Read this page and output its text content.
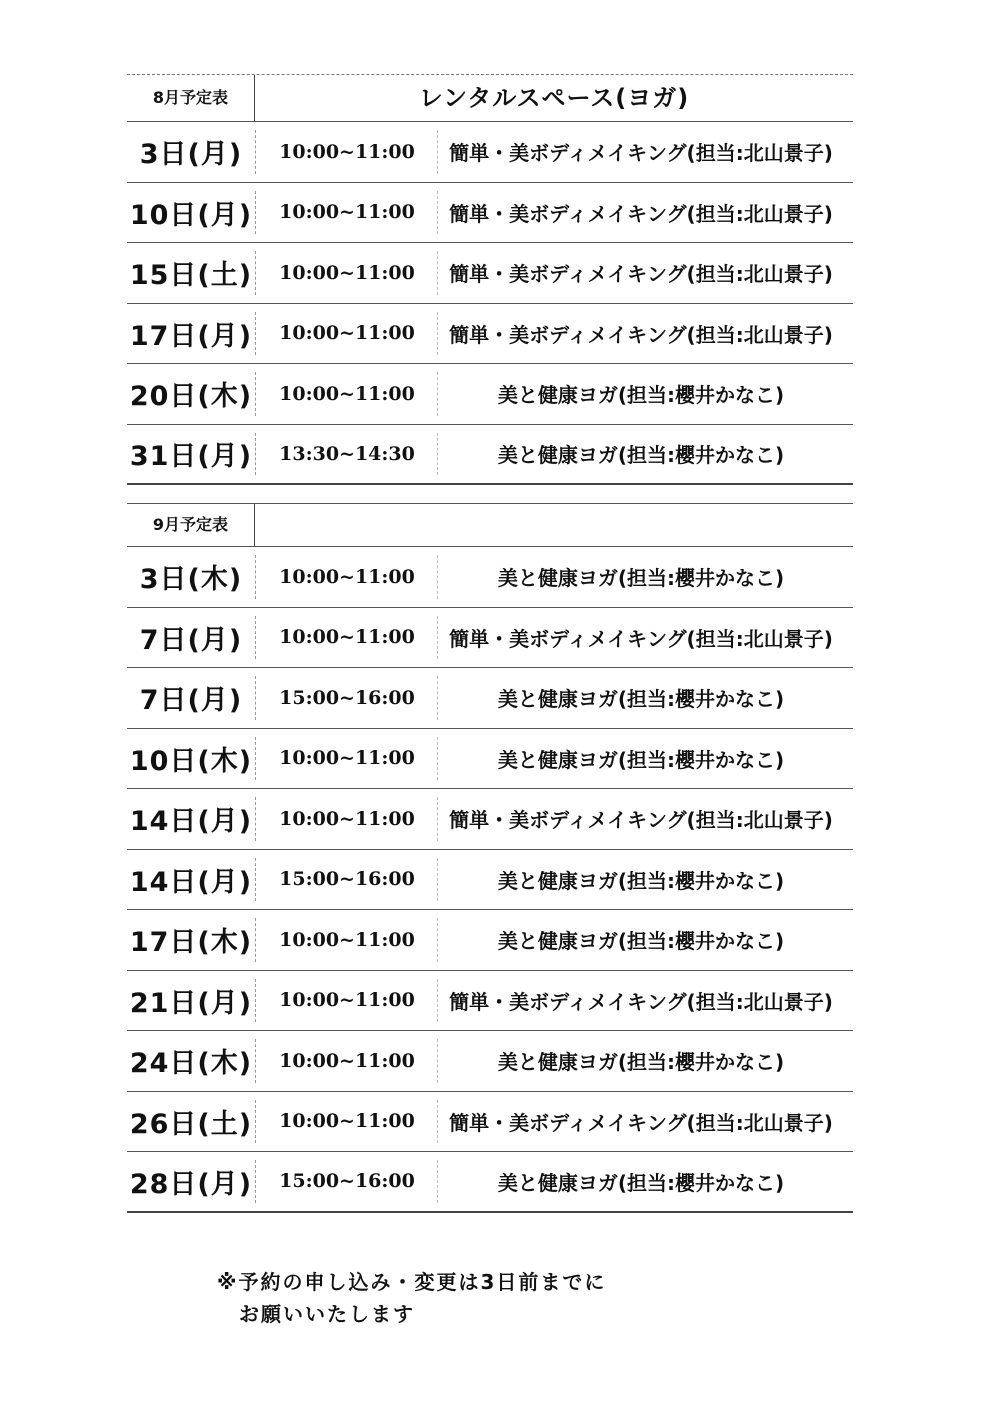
8月予定表	レンタルスペース(ヨガ)
3日(月)	10:00~11:00	簡単・美ボディメイキング(担当:北山景子)
10日(月)	10:00~11:00	簡単・美ボディメイキング(担当:北山景子)
15日(土)	10:00~11:00	簡単・美ボディメイキング(担当:北山景子)
17日(月)	10:00~11:00	簡単・美ボディメイキング(担当:北山景子)
20日(木)	10:00~11:00	美と健康ヨガ(担当:櫻井かなこ)
31日(月)	13:30~14:30	美と健康ヨガ(担当:櫻井かなこ)
9月予定表
3日(木)	10:00~11:00	美と健康ヨガ(担当:櫻井かなこ)
7日(月)	10:00~11:00	簡単・美ボディメイキング(担当:北山景子)
7日(月)	15:00~16:00	美と健康ヨガ(担当:櫻井かなこ)
10日(木)	10:00~11:00	美と健康ヨガ(担当:櫻井かなこ)
14日(月)	10:00~11:00	簡単・美ボディメイキング(担当:北山景子)
14日(月)	15:00~16:00	美と健康ヨガ(担当:櫻井かなこ)
17日(木)	10:00~11:00	美と健康ヨガ(担当:櫻井かなこ)
21日(月)	10:00~11:00	簡単・美ボディメイキング(担当:北山景子)
24日(木)	10:00~11:00	美と健康ヨガ(担当:櫻井かなこ)
26日(土)	10:00~11:00	簡単・美ボディメイキング(担当:北山景子)
28日(月)	15:00~16:00	美と健康ヨガ(担当:櫻井かなこ)
※予約の申し込み・変更は3日前までに
お願いいたします
